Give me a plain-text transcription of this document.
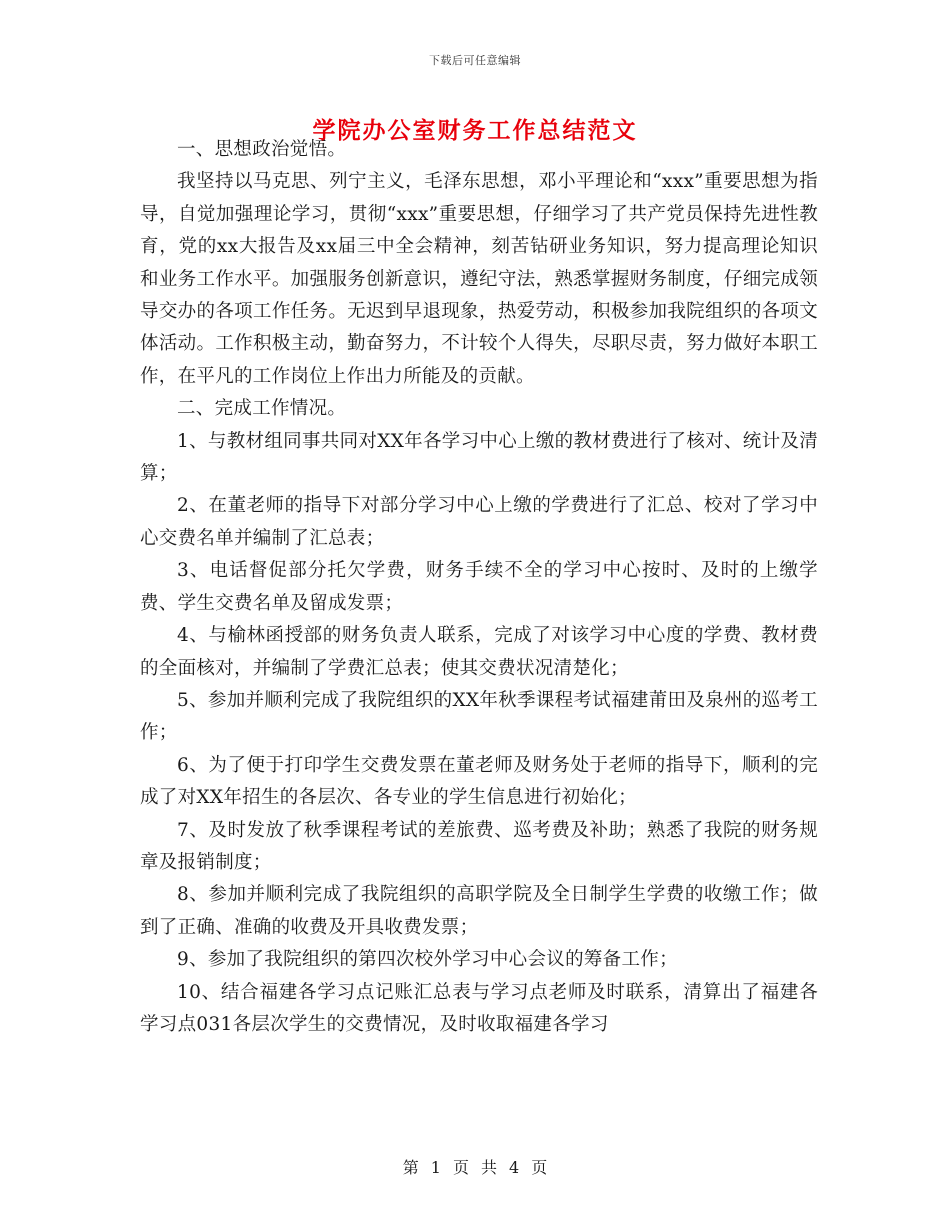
下载后可任意编辑
学院办公室财务工作总结范文

一、思想政治觉悟。

我坚持以马克思、列宁主义，毛泽东思想，邓小平理论和“xxx”重要思想为指导，自觉加强理论学习，贯彻“xxx”重要思想，仔细学习了共产党员保持先进性教育，党的xx大报告及xx届三中全会精神，刻苦钻研业务知识，努力提高理论知识和业务工作水平。加强服务创新意识，遵纪守法，熟悉掌握财务制度，仔细完成领导交办的各项工作任务。无迟到早退现象，热爱劳动，积极参加我院组织的各项文体活动。工作积极主动，勤奋努力，不计较个人得失，尽职尽责，努力做好本职工作，在平凡的工作岗位上作出力所能及的贡献。

二、完成工作情况。

1、与教材组同事共同对XX年各学习中心上缴的教材费进行了核对、统计及清算；

2、在董老师的指导下对部分学习中心上缴的学费进行了汇总、校对了学习中心交费名单并编制了汇总表；

3、电话督促部分托欠学费，财务手续不全的学习中心按时、及时的上缴学费、学生交费名单及留成发票；

4、与榆林函授部的财务负责人联系，完成了对该学习中心度的学费、教材费的全面核对，并编制了学费汇总表；使其交费状况清楚化；

5、参加并顺利完成了我院组织的XX年秋季课程考试福建莆田及泉州的巡考工作；

6、为了便于打印学生交费发票在董老师及财务处于老师的指导下，顺利的完成了对XX年招生的各层次、各专业的学生信息进行初始化；

7、及时发放了秋季课程考试的差旅费、巡考费及补助；熟悉了我院的财务规章及报销制度；

8、参加并顺利完成了我院组织的高职学院及全日制学生学费的收缴工作；做到了正确、准确的收费及开具收费发票；

9、参加了我院组织的第四次校外学习中心会议的筹备工作；

10、结合福建各学习点记账汇总表与学习点老师及时联系，清算出了福建各学习点031各层次学生的交费情况，及时收取福建各学习

第 1 页 共 4 页
